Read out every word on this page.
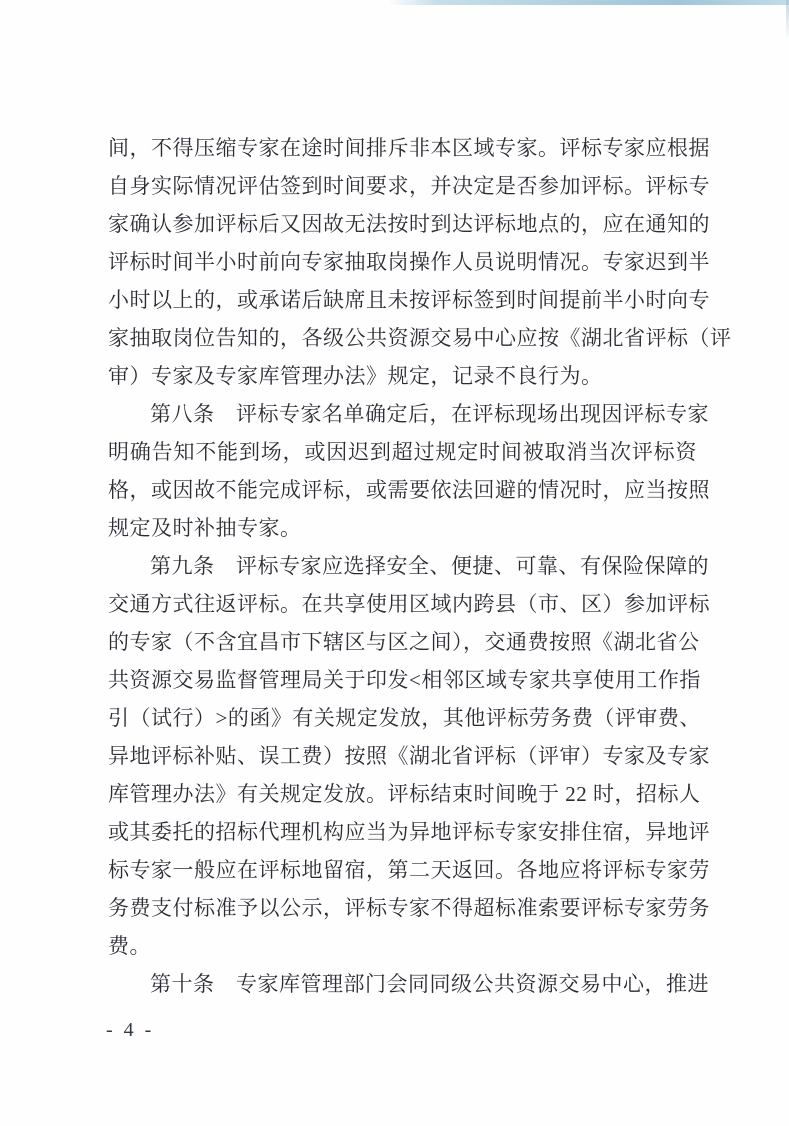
间，不得压缩专家在途时间排斥非本区域专家。评标专家应根据
自身实际情况评估签到时间要求，并决定是否参加评标。评标专
家确认参加评标后又因故无法按时到达评标地点的，应在通知的
评标时间半小时前向专家抽取岗操作人员说明情况。专家迟到半
小时以上的，或承诺后缺席且未按评标签到时间提前半小时向专
家抽取岗位告知的，各级公共资源交易中心应按《湖北省评标（评
审）专家及专家库管理办法》规定，记录不良行为。
第八条　评标专家名单确定后，在评标现场出现因评标专家
明确告知不能到场，或因迟到超过规定时间被取消当次评标资
格，或因故不能完成评标，或需要依法回避的情况时，应当按照
规定及时补抽专家。
第九条　评标专家应选择安全、便捷、可靠、有保险保障的
交通方式往返评标。在共享使用区域内跨县（市、区）参加评标
的专家（不含宜昌市下辖区与区之间），交通费按照《湖北省公
共资源交易监督管理局关于印发<相邻区域专家共享使用工作指
引（试行）>的函》有关规定发放，其他评标劳务费（评审费、
异地评标补贴、误工费）按照《湖北省评标（评审）专家及专家
库管理办法》有关规定发放。评标结束时间晚于 22 时，招标人
或其委托的招标代理机构应当为异地评标专家安排住宿，异地评
标专家一般应在评标地留宿，第二天返回。各地应将评标专家劳
务费支付标准予以公示，评标专家不得超标准索要评标专家劳务
费。
第十条　专家库管理部门会同同级公共资源交易中心，推进
- 4 -
